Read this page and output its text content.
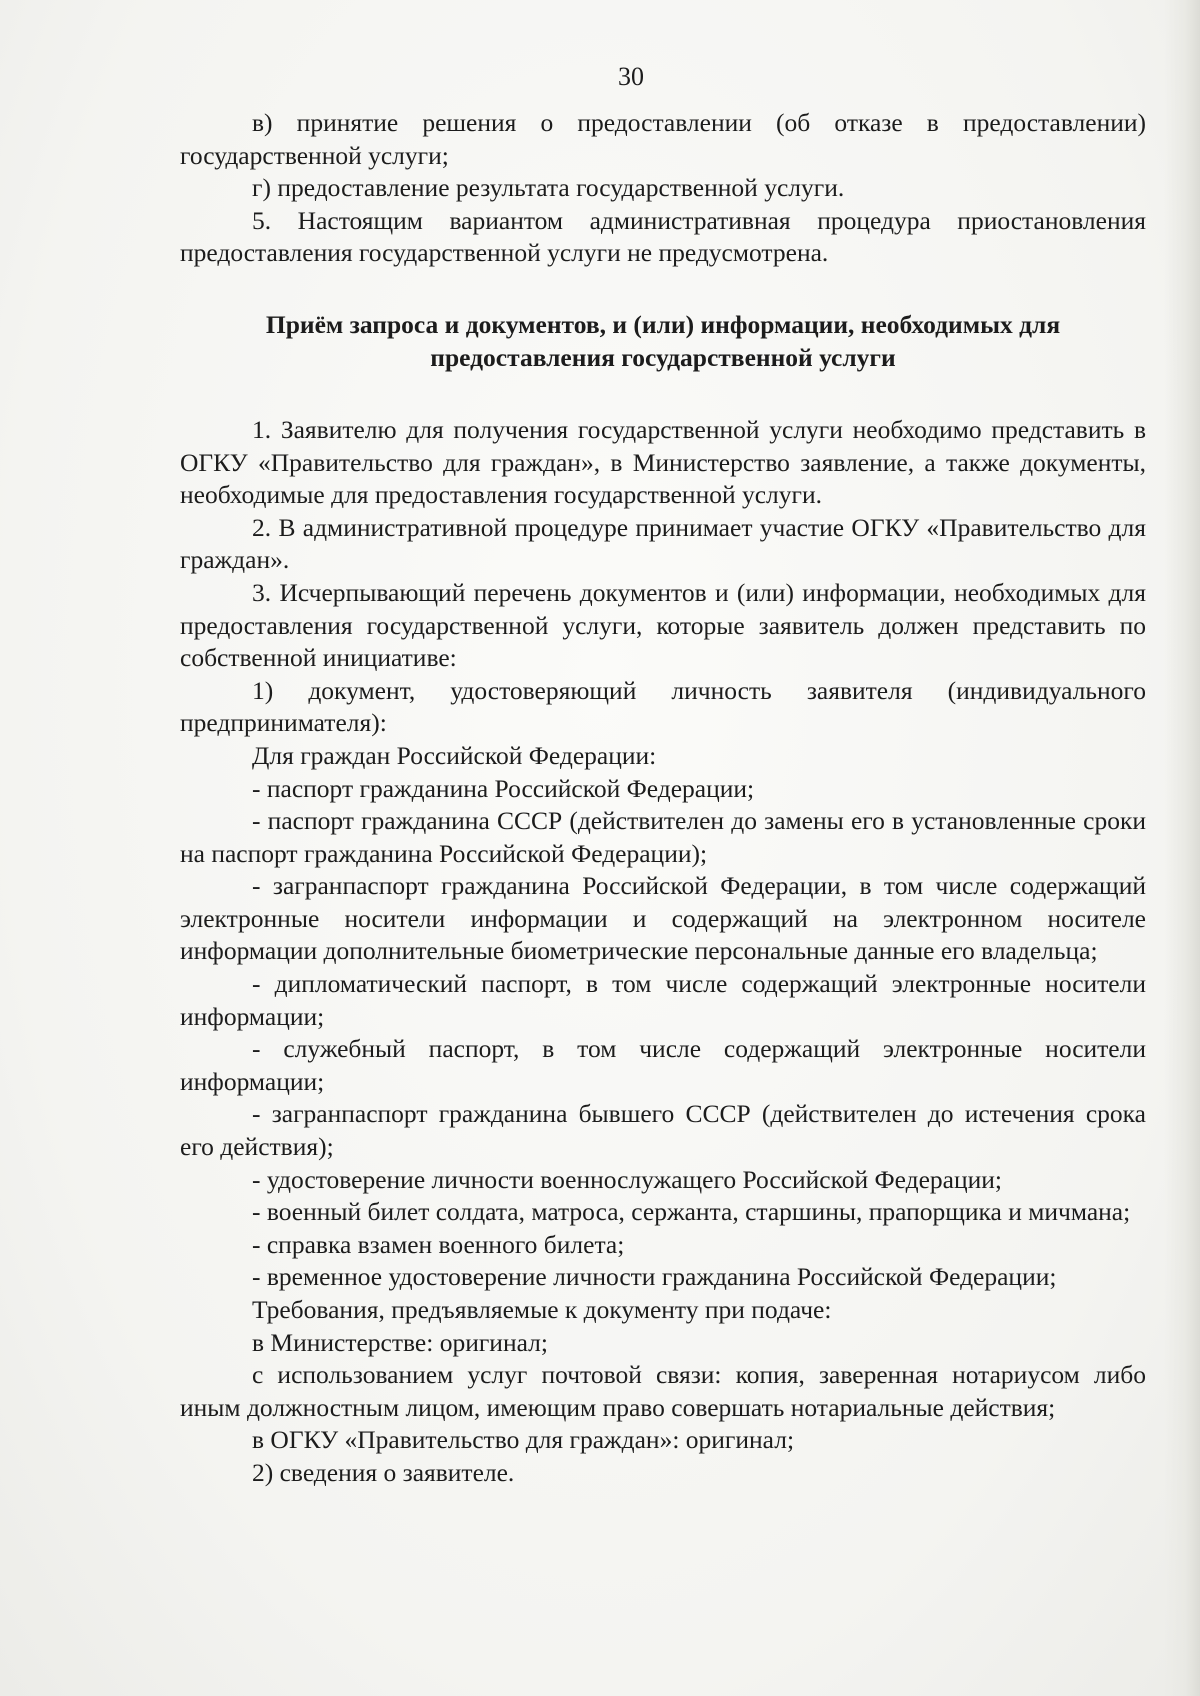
30

в) принятие решения о предоставлении (об отказе в предоставлении) государственной услуги;

г) предоставление результата государственной услуги.

5. Настоящим вариантом административная процедура приостановления предоставления государственной услуги не предусмотрена.

Приём запроса и документов, и (или) информации, необходимых для предоставления государственной услуги

1. Заявителю для получения государственной услуги необходимо представить в ОГКУ «Правительство для граждан», в Министерство заявление, а также документы, необходимые для предоставления государственной услуги.

2. В административной процедуре принимает участие ОГКУ «Правительство для граждан».

3. Исчерпывающий перечень документов и (или) информации, необходимых для предоставления государственной услуги, которые заявитель должен представить по собственной инициативе:

1) документ, удостоверяющий личность заявителя (индивидуального предпринимателя):

Для граждан Российской Федерации:

- паспорт гражданина Российской Федерации;

- паспорт гражданина СССР (действителен до замены его в установленные сроки на паспорт гражданина Российской Федерации);

- загранпаспорт гражданина Российской Федерации, в том числе содержащий электронные носители информации и содержащий на электронном носителе информации дополнительные биометрические персональные данные его владельца;

- дипломатический паспорт, в том числе содержащий электронные носители информации;

- служебный паспорт, в том числе содержащий электронные носители информации;

- загранпаспорт гражданина бывшего СССР (действителен до истечения срока его действия);

- удостоверение личности военнослужащего Российской Федерации;

- военный билет солдата, матроса, сержанта, старшины, прапорщика и мичмана;

- справка взамен военного билета;

- временное удостоверение личности гражданина Российской Федерации;

Требования, предъявляемые к документу при подаче:

в Министерстве: оригинал;

с использованием услуг почтовой связи: копия, заверенная нотариусом либо иным должностным лицом, имеющим право совершать нотариальные действия;

в ОГКУ «Правительство для граждан»: оригинал;

2) сведения о заявителе.
